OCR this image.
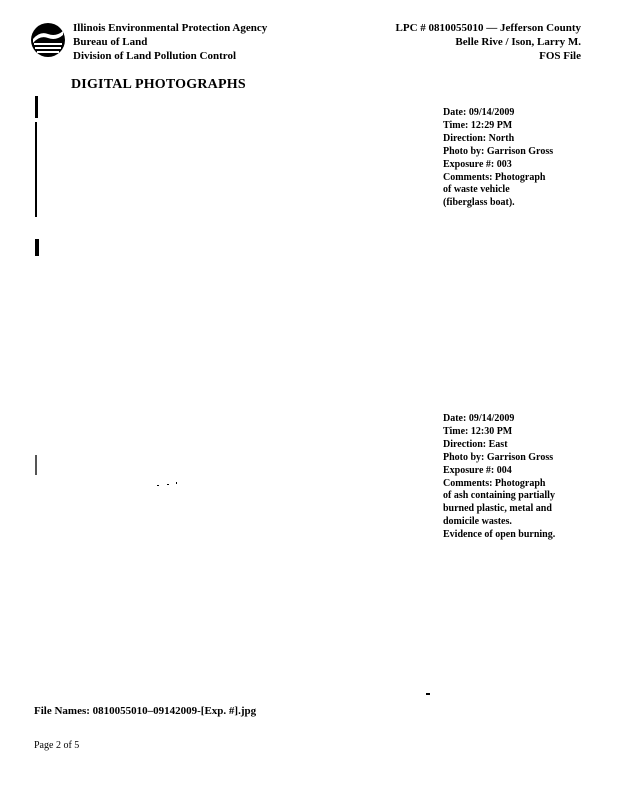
Illinois Environmental Protection Agency
Bureau of Land
Division of Land Pollution Control
LPC # 0810055010 — Jefferson County
Belle Rive / Ison, Larry M.
FOS File
DIGITAL PHOTOGRAPHS
Date: 09/14/2009
Time: 12:29 PM
Direction: North
Photo by: Garrison Gross
Exposure #: 003
Comments: Photograph
of waste vehicle
(fiberglass boat).
Date: 09/14/2009
Time: 12:30 PM
Direction: East
Photo by: Garrison Gross
Exposure #: 004
Comments: Photograph
of ash containing partially
burned plastic, metal and
domicile wastes.
Evidence of open burning.
File Names: 0810055010–09142009-[Exp. #].jpg
Page 2 of 5
